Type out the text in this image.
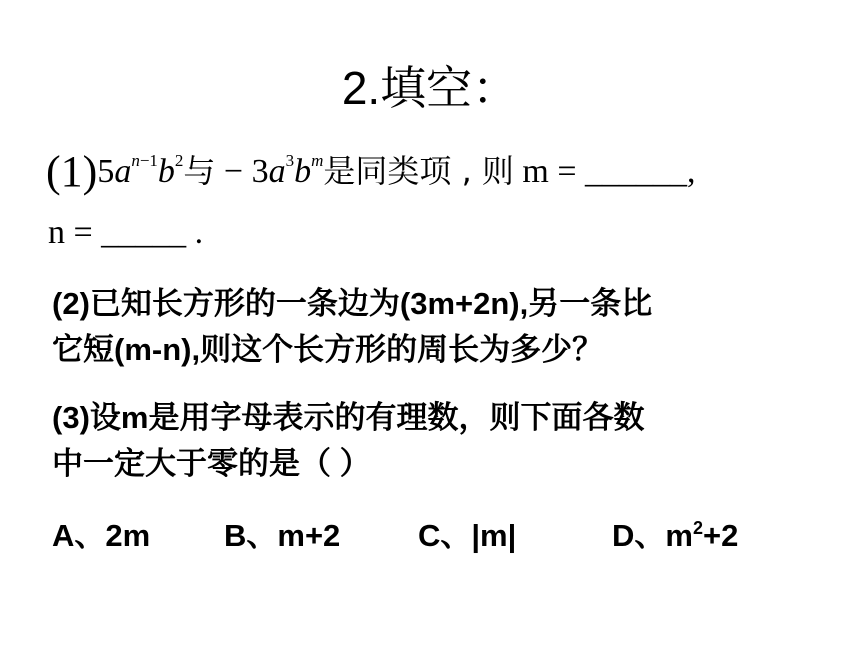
2.填空：
$(1)5a^{n-1}b^2$与 − $3a^3b^m$是同类项 , 则 m = ______,
n = _____ .
(2)已知长方形的一条边为(3m+2n),另一条比
它短(m-n),则这个长方形的周长为多少？
(3)设m是用字母表示的有理数，则下面各数
中一定大于零的是（ ）
A、2m B、m+2	C、|m|	D、$m^2+2$
